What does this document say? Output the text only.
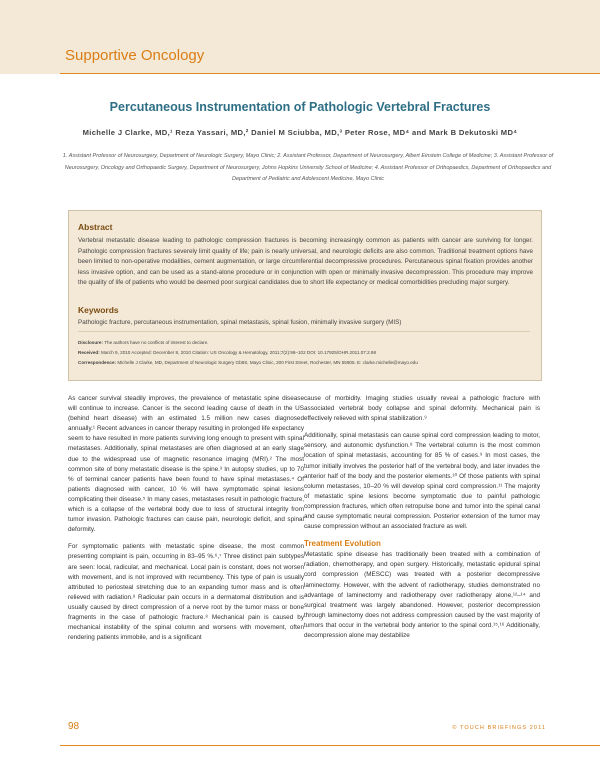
Supportive Oncology
Percutaneous Instrumentation of Pathologic Vertebral Fractures
Michelle J Clarke, MD,¹ Reza Yassari, MD,² Daniel M Sciubba, MD,³ Peter Rose, MD⁴ and Mark B Dekutoski MD⁴
1. Assistant Professor of Neurosurgery, Department of Neurologic Surgery, Mayo Clinic; 2. Assistant Professor, Department of Neurosurgery, Albert Einstein College of Medicine; 3. Assistant Professor of Neurosurgery, Oncology and Orthopaedic Surgery, Department of Neurosurgery, Johns Hopkins University School of Medicine; 4. Assistant Professor of Orthopaedics, Department of Orthopaedics and Department of Pediatric and Adolescent Medicine, Mayo Clinic
Abstract
Vertebral metastatic disease leading to pathologic compression fractures is becoming increasingly common as patients with cancer are surviving for longer. Pathologic compression fractures severely limit quality of life; pain is nearly universal, and neurologic deficits are also common. Traditional treatment options have been limited to non-operative modalities, cement augmentation, or large circumferential decompressive procedures. Percutaneous spinal fixation provides another less invasive option, and can be used as a stand-alone procedure or in conjunction with open or minimally invasive decompression. This procedure may improve the quality of life of patients who would be deemed poor surgical candidates due to short life expectancy or medical comorbidities precluding major surgery.
Keywords
Pathologic fracture, percutaneous instrumentation, spinal metastasis, spinal fusion, minimally invasive surgery (MIS)
Disclosure: The authors have no conflicts of interest to declare.
Received: March 9, 2010 Accepted: December 8, 2010 Citation: US Oncology & Hematology, 2011;7(2):98–102 DOI: 10.17925/OHR.2011.07.2.98
Correspondence: Michelle J Clarke, MD, Department of Neurologic Surgery Gb8S, Mayo Clinic, 200 First Street, Rochester, MN 55905. E: clarke.michelle@mayo.edu

As cancer survival steadily improves, the prevalence of metastatic spine disease will continue to increase. Cancer is the second leading cause of death in the US (behind heart disease) with an estimated 1.5 million new cases diagnosed annually.¹ Recent advances in cancer therapy resulting in prolonged life expectancy seem to have resulted in more patients surviving long enough to present with spinal metastases. Additionally, spinal metastases are often diagnosed at an early stage due to the widespread use of magnetic resonance imaging (MRI).² The most common site of bony metastatic disease is the spine.³ In autopsy studies, up to 70 % of terminal cancer patients have been found to have spinal metastases.⁴ Of patients diagnosed with cancer, 10 % will have symptomatic spinal lesions complicating their disease.⁵ In many cases, metastases result in pathologic fracture, which is a collapse of the vertebral body due to loss of structural integrity from tumor invasion. Pathologic fractures can cause pain, neurologic deficit, and spinal deformity.

For symptomatic patients with metastatic spine disease, the most common presenting complaint is pain, occurring in 83–95 %.⁶,⁷ Three distinct pain subtypes are seen: local, radicular, and mechanical. Local pain is constant, does not worsen with movement, and is not improved with recumbency. This type of pain is usually attributed to periosteal stretching due to an expanding tumor mass and is often relieved with radiation.⁸ Radicular pain occurs in a dermatomal distribution and is usually caused by direct compression of a nerve root by the tumor mass or bone fragments in the case of pathologic fracture.⁸ Mechanical pain is caused by mechanical instability of the spinal column and worsens with movement, often rendering patients immobile, and is a significant

cause of morbidity. Imaging studies usually reveal a pathologic fracture with associated vertebral body collapse and spinal deformity. Mechanical pain is effectively relieved with spinal stabilization.⁹

Additionally, spinal metastasis can cause spinal cord compression leading to motor, sensory, and autonomic dysfunction.⁸ The vertebral column is the most common location of spinal metastasis, accounting for 85 % of cases.⁹ In most cases, the tumor initially involves the posterior half of the vertebral body, and later invades the anterior half of the body and the posterior elements.¹⁰ Of those patients with spinal column metastases, 10–20 % will develop spinal cord compression.¹¹ The majority of metastatic spine lesions become symptomatic due to painful pathologic compression fractures, which often retropulse bone and tumor into the spinal canal and cause symptomatic neural compression. Posterior extension of the tumor may cause compression without an associated fracture as well.

Treatment Evolution

Metastatic spine disease has traditionally been treated with a combination of radiation, chemotherapy, and open surgery. Historically, metastatic epidural spinal cord compression (MESCC) was treated with a posterior decompressive laminectomy. However, with the advent of radiotherapy, studies demonstrated no advantage of laminectomy and radiotherapy over radiotherapy alone,¹²–¹⁴ and surgical treatment was largely abandoned. However, posterior decompression through laminectomy does not address compression caused by the vast majority of tumors that occur in the vertebral body anterior to the spinal cord.¹⁵,¹⁶ Additionally, decompression alone may destabilize

98	© TOUCH BRIEFINGS 2011
